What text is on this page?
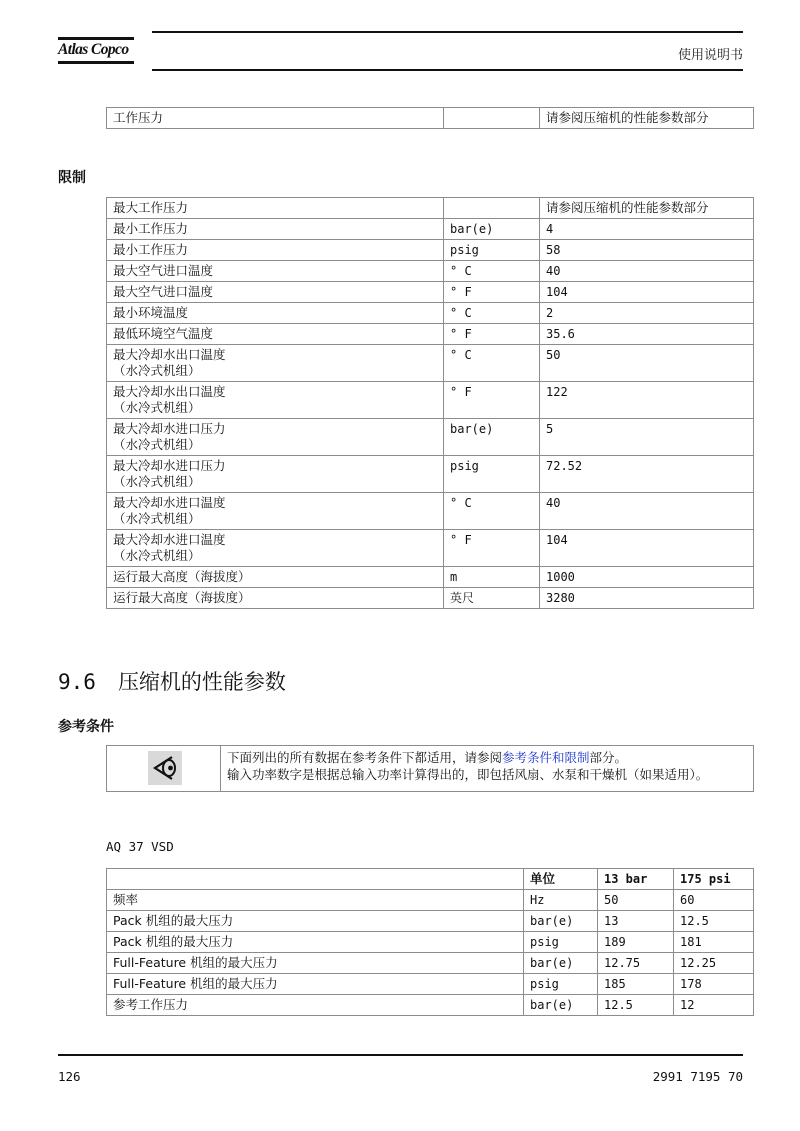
Atlas Copco	使用说明书
工作压力		请参阅压缩机的性能参数部分
限制
最大工作压力		请参阅压缩机的性能参数部分

最小工作压力	bar(e)	4

最小工作压力	psig	58

最大空气进口温度	° C	40

最大空气进口温度	° F	104

最小环境温度	° C	2

最低环境空气温度	° F	35.6

最大冷却水出口温度
（水冷式机组）	° C	50

最大冷却水出口温度
（水冷式机组）	° F	122

最大冷却水进口压力
（水冷式机组）	bar(e)	5

最大冷却水进口压力
（水冷式机组）	psig	72.52

最大冷却水进口温度
（水冷式机组）	° C	40

最大冷却水进口温度
（水冷式机组）	° F	104

运行最大高度（海拔度）	m	1000

运行最大高度（海拔度）	英尺	3280
9.6 压缩机的性能参数
参考条件
下面列出的所有数据在参考条件下都适用，请参阅参考条件和限制部分。
输入功率数字是根据总输入功率计算得出的，即包括风扇、水泵和干燥机（如果适用）。
AQ 37 VSD
	单位	13 bar	175 psi
频率	Hz	50	60
Pack 机组的最大压力	bar(e)	13	12.5
Pack 机组的最大压力	psig	189	181
Full-Feature 机组的最大压力	bar(e)	12.75	12.25
Full-Feature 机组的最大压力	psig	185	178
参考工作压力	bar(e)	12.5	12
126	2991 7195 70
